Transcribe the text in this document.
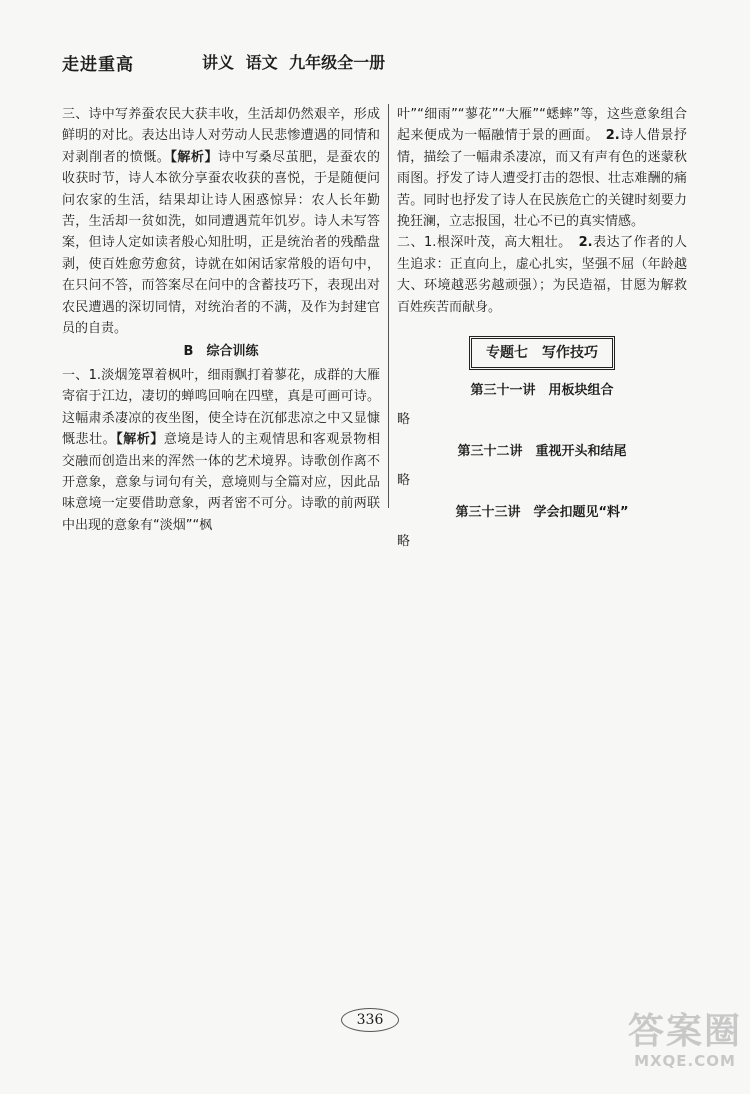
走进重高	讲义 语文 九年级全一册

三、诗中写养蚕农民大获丰收，生活却仍然艰辛，形成鲜明的对比。表达出诗人对劳动人民悲惨遭遇的同情和对剥削者的愤慨。【解析】诗中写桑尽茧肥，是蚕农的收获时节，诗人本欲分享蚕农收获的喜悦，于是随便问问农家的生活，结果却让诗人困惑惊异：农人长年勤苦，生活却一贫如洗，如同遭遇荒年饥岁。诗人未写答案，但诗人定如读者般心知肚明，正是统治者的残酷盘剥，使百姓愈劳愈贫，诗就在如闲话家常般的语句中，在只问不答，而答案尽在问中的含蓄技巧下，表现出对农民遭遇的深切同情，对统治者的不满，及作为封建官员的自责。

B　综合训练

一、1.淡烟笼罩着枫叶，细雨飘打着蓼花，成群的大雁寄宿于江边，凄切的蝉鸣回响在四壁，真是可画可诗。这幅肃杀凄凉的夜坐图，使全诗在沉郁悲凉之中又显慷慨悲壮。【解析】意境是诗人的主观情思和客观景物相交融而创造出来的浑然一体的艺术境界。诗歌创作离不开意象，意象与词句有关，意境则与全篇对应，因此品味意境一定要借助意象，两者密不可分。诗歌的前两联中出现的意象有“淡烟”“枫

叶”“细雨”“蓼花”“大雁”“蟋蟀”等，这些意象组合起来便成为一幅融情于景的画面。　 2.诗人借景抒情，描绘了一幅肃杀凄凉，而又有声有色的迷蒙秋雨图。抒发了诗人遭受打击的怨恨、壮志难酬的痛苦。同时也抒发了诗人在民族危亡的关键时刻要力挽狂澜，立志报国，壮心不已的真实情感。

二、1.根深叶茂，高大粗壮。　 2.表达了作者的人生追求：正直向上，虚心扎实，坚强不屈（年龄越大、环境越恶劣越顽强）；为民造福，甘愿为解救百姓疾苦而献身。

专题七　写作技巧

第三十一讲　用板块组合

略

第三十二讲　重视开头和结尾

略

第三十三讲　学会扣题见“料”

略

336	答案圈
MXQE.COM
